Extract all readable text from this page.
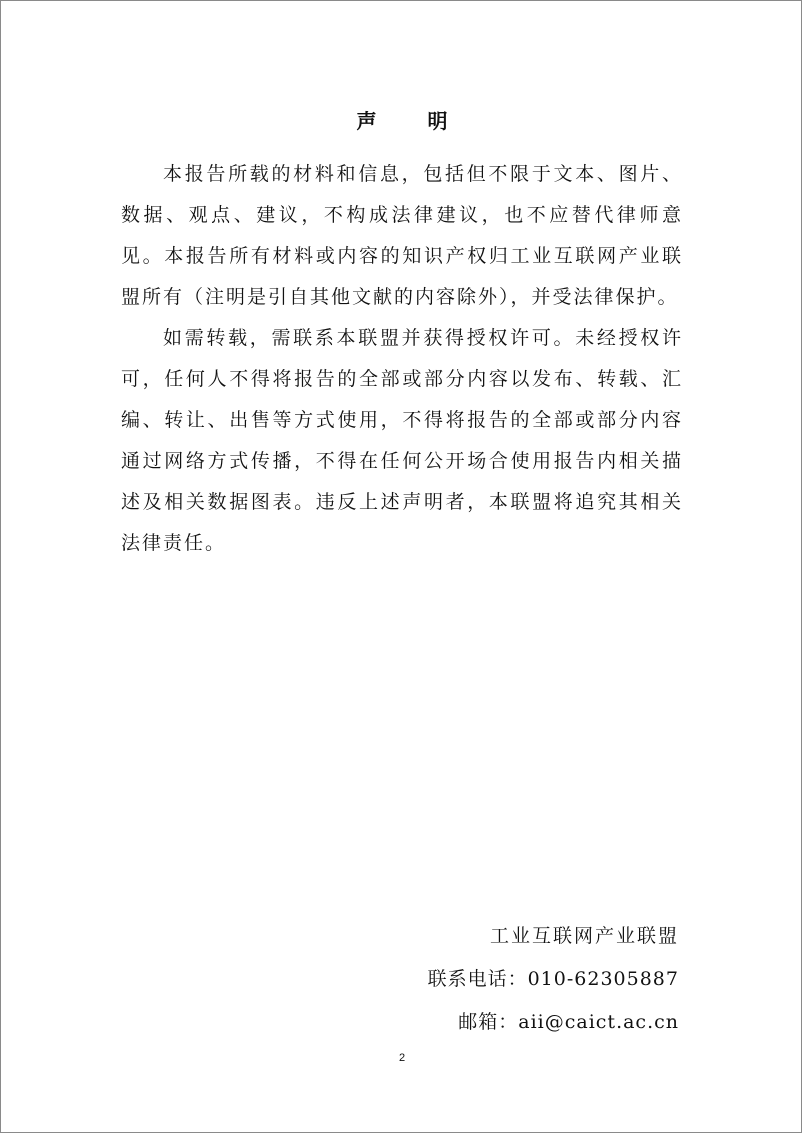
声 明

本报告所载的材料和信息，包括但不限于文本、图片、数据、观点、建议，不构成法律建议，也不应替代律师意见。本报告所有材料或内容的知识产权归工业互联网产业联盟所有（注明是引自其他文献的内容除外），并受法律保护。

如需转载，需联系本联盟并获得授权许可。未经授权许可，任何人不得将报告的全部或部分内容以发布、转载、汇编、转让、出售等方式使用，不得将报告的全部或部分内容通过网络方式传播，不得在任何公开场合使用报告内相关描述及相关数据图表。违反上述声明者，本联盟将追究其相关法律责任。

工业互联网产业联盟
联系电话：010-62305887
邮箱：aii@caict.ac.cn
2
